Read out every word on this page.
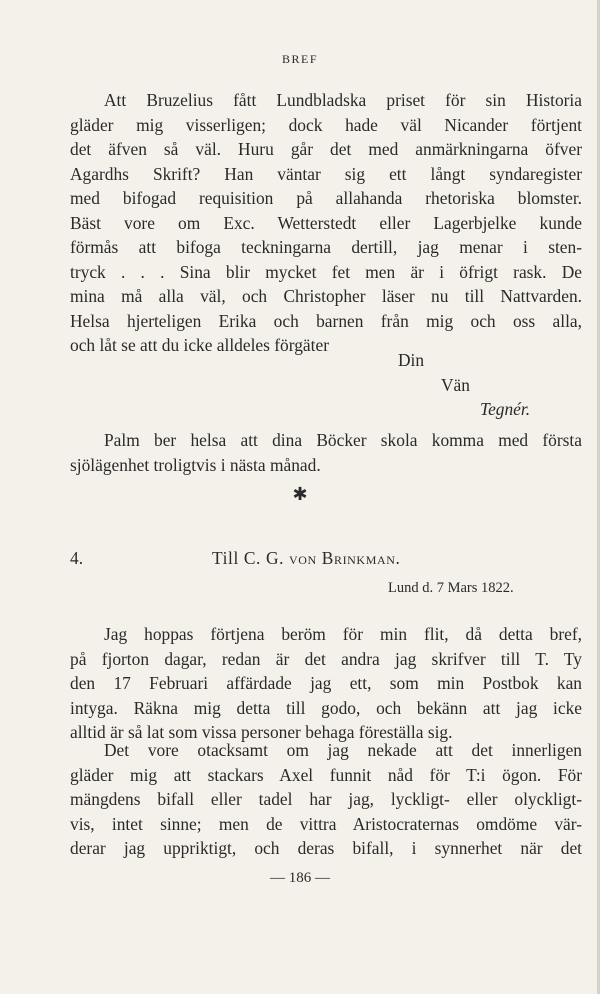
BREF
Att Bruzelius fått Lundbladska priset för sin Historia
gläder mig visserligen; dock hade väl Nicander förtjent
det äfven så väl. Huru går det med anmärkningarna öfver
Agardhs Skrift? Han väntar sig ett långt syndaregister
med bifogad requisition på allahanda rhetoriska blomster.
Bäst vore om Exc. Wetterstedt eller Lagerbjelke kunde
förmås att bifoga teckningarna dertill, jag menar i sten-
tryck . . . Sina blir mycket fet men är i öfrigt rask. De
mina må alla väl, och Christopher läser nu till Nattvarden.
Helsa hjerteligen Erika och barnen från mig och oss alla,
och låt se att du icke alldeles förgäter
Din
Vän
Tegnér.
Palm ber helsa att dina Böcker skola komma med första
sjölägenhet troligtvis i nästa månad.
✱
4.	Till C. G. von Brinkman.
Lund d. 7 Mars 1822.
Jag hoppas förtjena beröm för min flit, då detta bref,
på fjorton dagar, redan är det andra jag skrifver till T. Ty
den 17 Februari affärdade jag ett, som min Postbok kan
intyga. Räkna mig detta till godo, och bekänn att jag icke
alltid är så lat som vissa personer behaga föreställa sig.
Det vore otacksamt om jag nekade att det innerligen
gläder mig att stackars Axel funnit nåd för T:i ögon. För
mängdens bifall eller tadel har jag, lyckligt- eller olyckligt-
vis, intet sinne; men de vittra Aristocraternas omdöme vär-
derar jag uppriktigt, och deras bifall, i synnerhet när det
— 186 —
